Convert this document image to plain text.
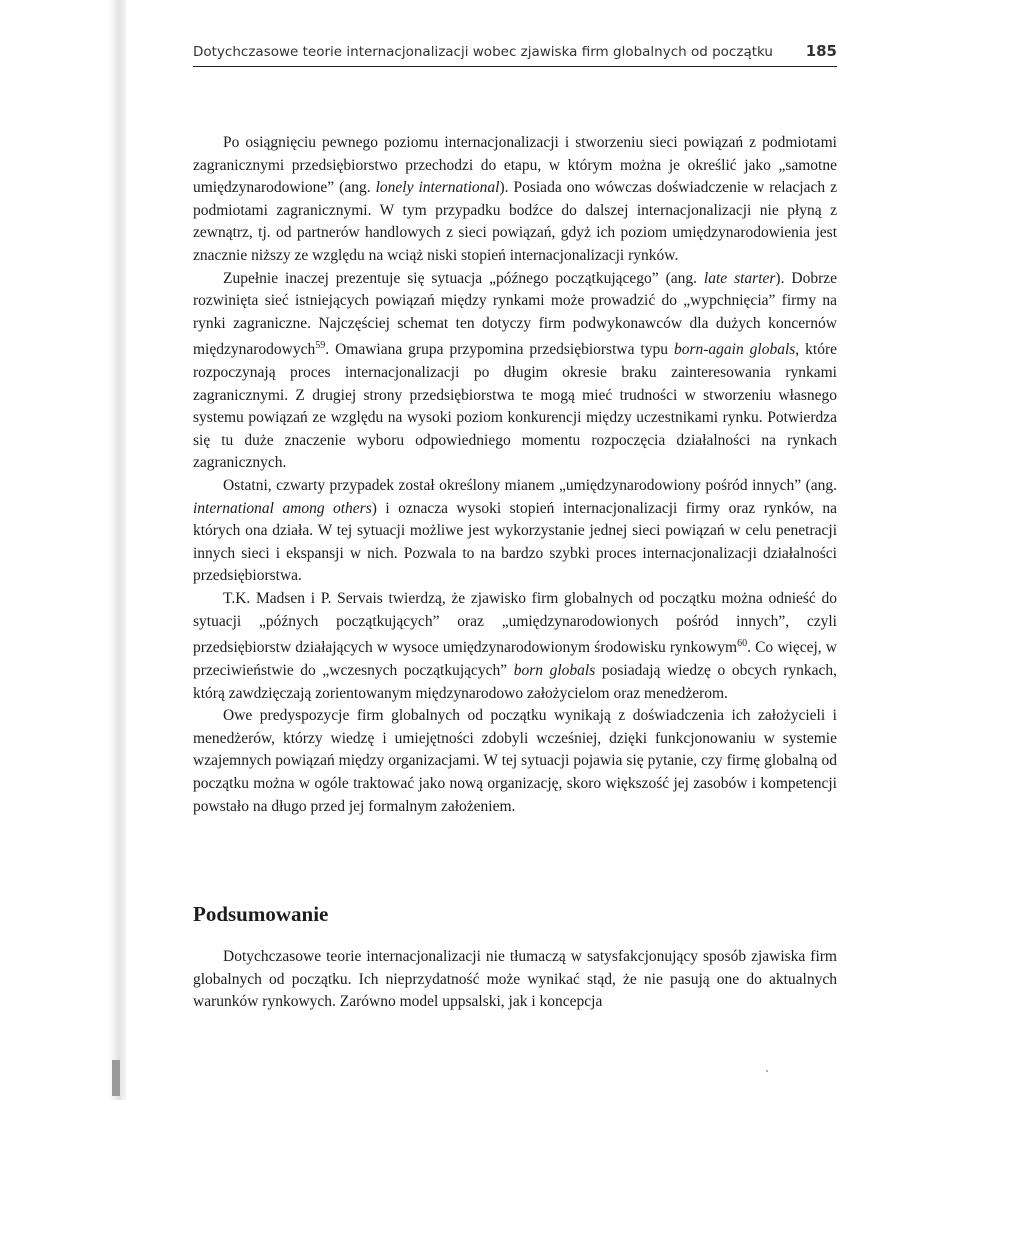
Dotychczasowe teorie internacjonalizacji wobec zjawiska firm globalnych od początku 185

Po osiągnięciu pewnego poziomu internacjonalizacji i stworzeniu sieci powiązań z podmiotami zagranicznymi przedsiębiorstwo przechodzi do etapu, w którym można je określić jako „samotne umiędzynarodowione” (ang. lonely international). Posiada ono wówczas doświadczenie w relacjach z podmiotami zagranicznymi. W tym przypadku bodźce do dalszej internacjonalizacji nie płyną z zewnątrz, tj. od partnerów handlowych z sieci powiązań, gdyż ich poziom umiędzynarodowienia jest znacznie niższy ze względu na wciąż niski stopień internacjonalizacji rynków.

Zupełnie inaczej prezentuje się sytuacja „późnego początkującego” (ang. late starter). Dobrze rozwinięta sieć istniejących powiązań między rynkami może prowadzić do „wypchnięcia” firmy na rynki zagraniczne. Najczęściej schemat ten dotyczy firm podwykonawców dla dużych koncernów międzynarodowych$^{59}$. Omawiana grupa przypomina przedsiębiorstwa typu born-again globals, które rozpoczynają proces internacjonalizacji po długim okresie braku zainteresowania rynkami zagranicznymi. Z drugiej strony przedsiębiorstwa te mogą mieć trudności w stworzeniu własnego systemu powiązań ze względu na wysoki poziom konkurencji między uczestnikami rynku. Potwierdza się tu duże znaczenie wyboru odpowiedniego momentu rozpoczęcia działalności na rynkach zagranicznych.

Ostatni, czwarty przypadek został określony mianem „umiędzynarodowiony pośród innych” (ang. international among others) i oznacza wysoki stopień internacjonalizacji firmy oraz rynków, na których ona działa. W tej sytuacji możliwe jest wykorzystanie jednej sieci powiązań w celu penetracji innych sieci i ekspansji w nich. Pozwala to na bardzo szybki proces internacjonalizacji działalności przedsiębiorstwa.

T.K. Madsen i P. Servais twierdzą, że zjawisko firm globalnych od początku można odnieść do sytuacji „późnych początkujących” oraz „umiędzynarodowionych pośród innych”, czyli przedsiębiorstw działających w wysoce umiędzynarodowionym środowisku rynkowym$^{60}$. Co więcej, w przeciwieństwie do „wczesnych początkujących” born globals posiadają wiedzę o obcych rynkach, którą zawdzięczają zorientowanym międzynarodowo założycielom oraz menedżerom.

Owe predyspozycje firm globalnych od początku wynikają z doświadczenia ich założycieli i menedżerów, którzy wiedzę i umiejętności zdobyli wcześniej, dzięki funkcjonowaniu w systemie wzajemnych powiązań między organizacjami. W tej sytuacji pojawia się pytanie, czy firmę globalną od początku można w ogóle traktować jako nową organizację, skoro większość jej zasobów i kompetencji powstało na długo przed jej formalnym założeniem.

Podsumowanie

Dotychczasowe teorie internacjonalizacji nie tłumaczą w satysfakcjonujący sposób zjawiska firm globalnych od początku. Ich nieprzydatność może wynikać stąd, że nie pasują one do aktualnych warunków rynkowych. Zarówno model uppsalski, jak i koncepcja
